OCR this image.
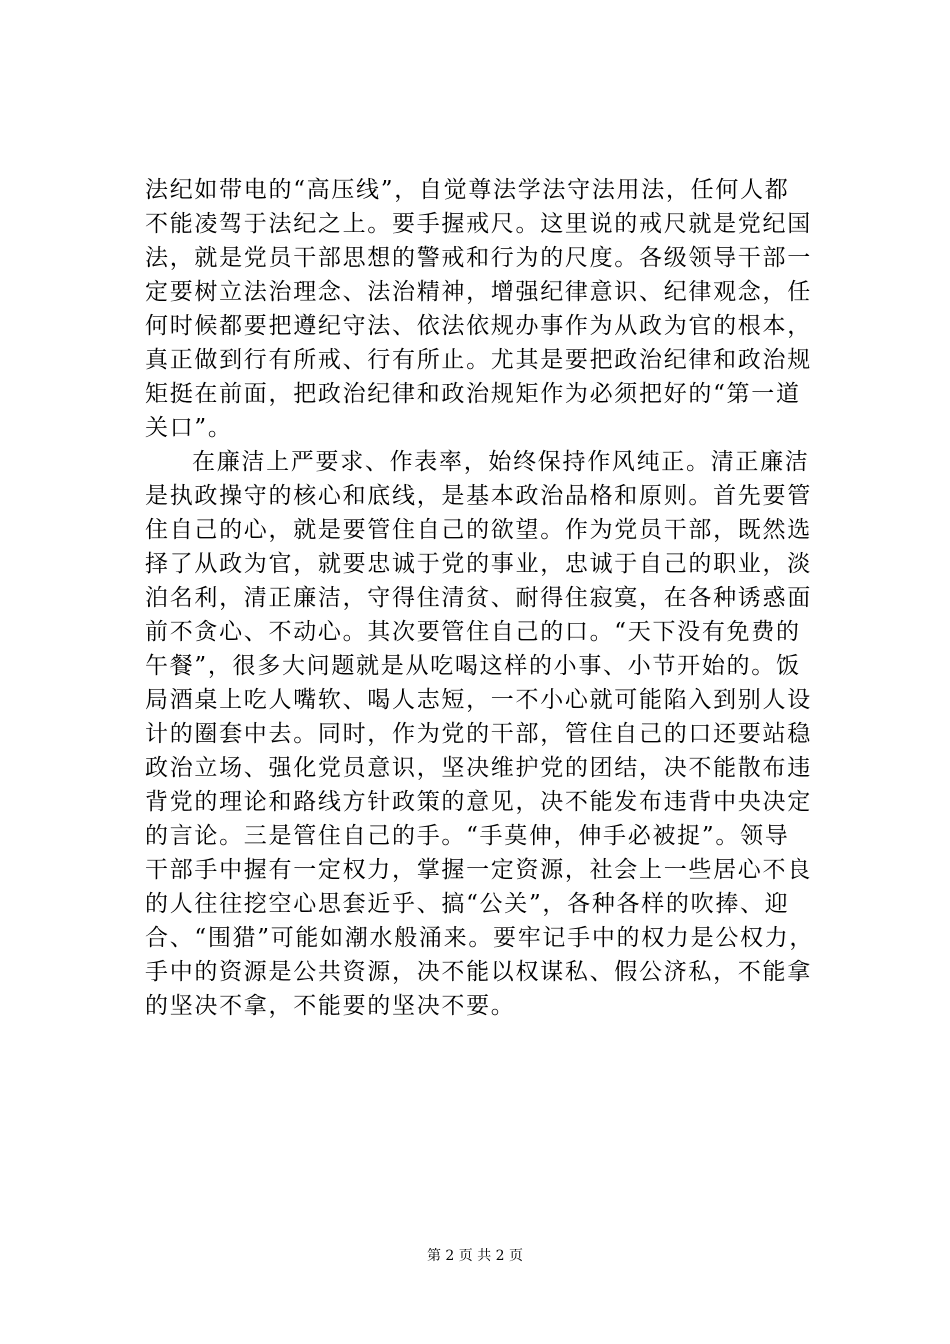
法纪如带电的“高压线”，自觉尊法学法守法用法，任何人都
不能凌驾于法纪之上。要手握戒尺。这里说的戒尺就是党纪国
法，就是党员干部思想的警戒和行为的尺度。各级领导干部一
定要树立法治理念、法治精神，增强纪律意识、纪律观念，任
何时候都要把遵纪守法、依法依规办事作为从政为官的根本，
真正做到行有所戒、行有所止。尤其是要把政治纪律和政治规
矩挺在前面，把政治纪律和政治规矩作为必须把好的“第一道
关口”。
在廉洁上严要求、作表率，始终保持作风纯正。清正廉洁
是执政操守的核心和底线，是基本政治品格和原则。首先要管
住自己的心，就是要管住自己的欲望。作为党员干部，既然选
择了从政为官，就要忠诚于党的事业，忠诚于自己的职业，淡
泊名利，清正廉洁，守得住清贫、耐得住寂寞，在各种诱惑面
前不贪心、不动心。其次要管住自己的口。“天下没有免费的
午餐”，很多大问题就是从吃喝这样的小事、小节开始的。饭
局酒桌上吃人嘴软、喝人志短，一不小心就可能陷入到别人设
计的圈套中去。同时，作为党的干部，管住自己的口还要站稳
政治立场、强化党员意识，坚决维护党的团结，决不能散布违
背党的理论和路线方针政策的意见，决不能发布违背中央决定
的言论。三是管住自己的手。“手莫伸，伸手必被捉”。领导
干部手中握有一定权力，掌握一定资源，社会上一些居心不良
的人往往挖空心思套近乎、搞“公关”，各种各样的吹捧、迎
合、“围猎”可能如潮水般涌来。要牢记手中的权力是公权力，
手中的资源是公共资源，决不能以权谋私、假公济私，不能拿
的坚决不拿，不能要的坚决不要。
第 2 页 共 2 页
